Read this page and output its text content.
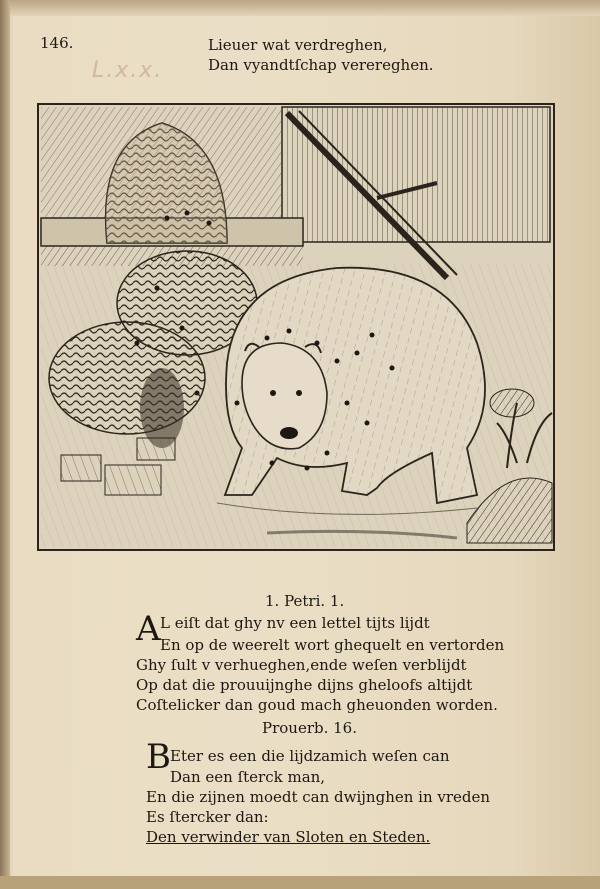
146.
L.x.x.
Lieuer wat verdreghen,
Dan vyandtſchap verereghen.
1. Petri. 1.
A L eiſt dat ghy nv een lettel tijts lijdt
En op de weerelt wort ghequelt en vertorden
Ghy ſult v verhueghen,ende weſen verblijdt
Op dat die prouuijnghe dijns gheloofs altijdt
Coſtelicker dan goud mach gheuonden worden.
Prouerb. 16.
B Eter es een die lijdzamich weſen can
Dan een ſterck man,
En die zijnen moedt can dwijnghen in vreden
Es ſtercker dan:
Den verwinder van Sloten en Steden.
